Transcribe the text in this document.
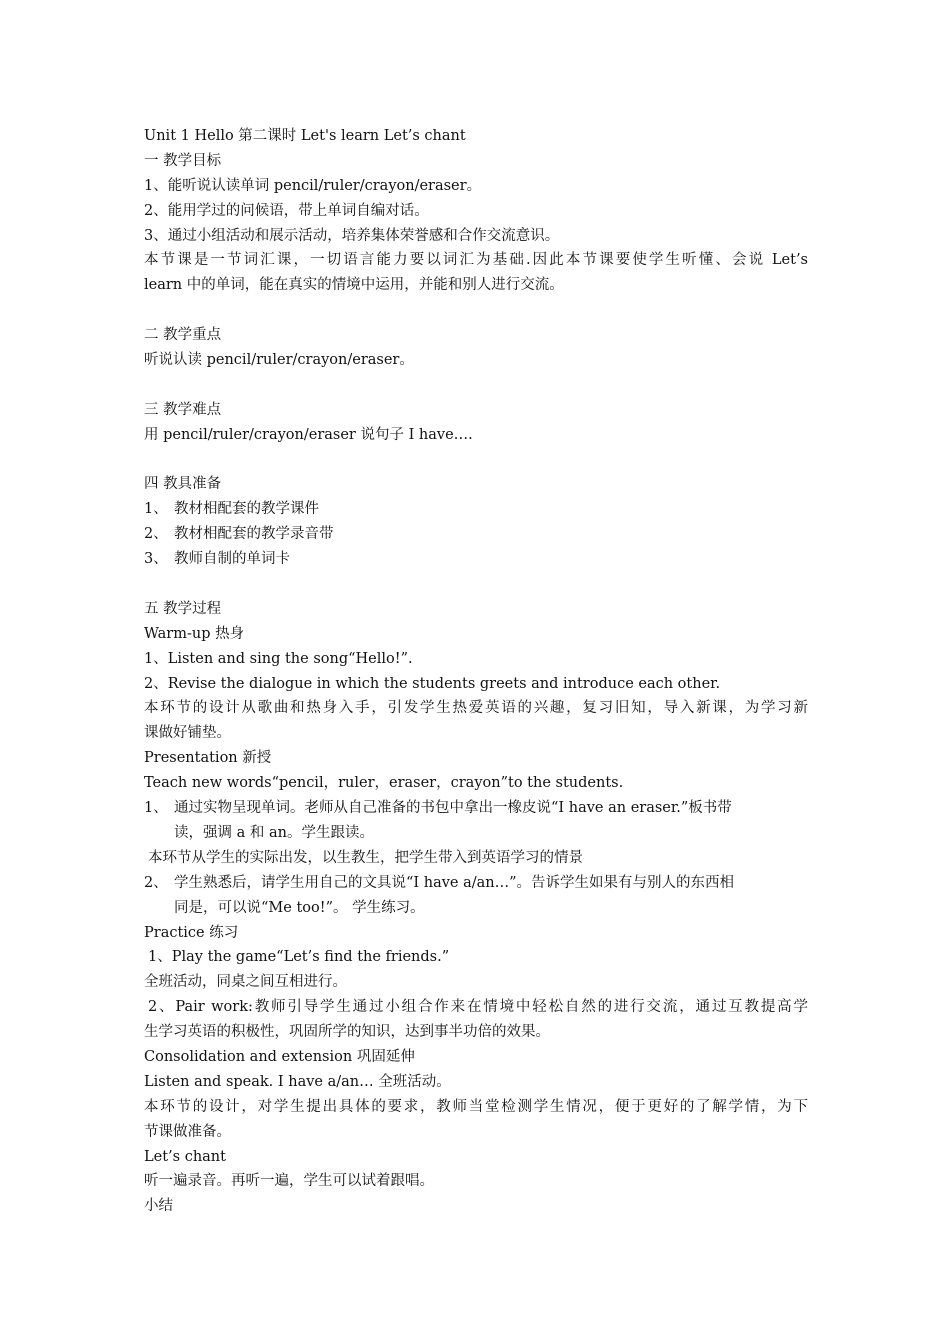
Unit 1 Hello 第二课时 Let's learn Let’s chant
一 教学目标
1、能听说认读单词 pencil/ruler/crayon/eraser。
2、能用学过的问候语，带上单词自编对话。
3、通过小组活动和展示活动，培养集体荣誉感和合作交流意识。
本节课是一节词汇课，一切语言能力要以词汇为基础.因此本节课要使学生听懂、会说 Let’s
learn 中的单词，能在真实的情境中运用，并能和别人进行交流。
二 教学重点
听说认读 pencil/ruler/crayon/eraser。
三 教学难点
用 pencil/ruler/crayon/eraser 说句子 I have….
四 教具准备
1、 教材相配套的教学课件
2、 教材相配套的教学录音带
3、 教师自制的单词卡
五 教学过程
Warm-up 热身
1、Listen and sing the song“Hello!”.
2、Revise the dialogue in which the students greets and introduce each other.
本环节的设计从歌曲和热身入手，引发学生热爱英语的兴趣，复习旧知，导入新课，为学习新
课做好铺垫。
Presentation 新授
Teach new words“pencil，ruler，eraser，crayon”to the students.
1、 通过实物呈现单词。老师从自己准备的书包中拿出一橡皮说“I have an eraser.”板书带
读，强调 a 和 an。学生跟读。
本环节从学生的实际出发，以生教生，把学生带入到英语学习的情景
2、 学生熟悉后，请学生用自己的文具说“I have a/an…”。告诉学生如果有与别人的东西相
同是，可以说“Me too!”。 学生练习。
Practice 练习
1、Play the game“Let’s find the friends.”
全班活动，同桌之间互相进行。
2、Pair work:教师引导学生通过小组合作来在情境中轻松自然的进行交流，通过互教提高学
生学习英语的积极性，巩固所学的知识，达到事半功倍的效果。
Consolidation and extension 巩固延伸
Listen and speak. I have a/an… 全班活动。
本环节的设计，对学生提出具体的要求，教师当堂检测学生情况，便于更好的了解学情，为下
节课做准备。
Let’s chant
听一遍录音。再听一遍，学生可以试着跟唱。
小结
